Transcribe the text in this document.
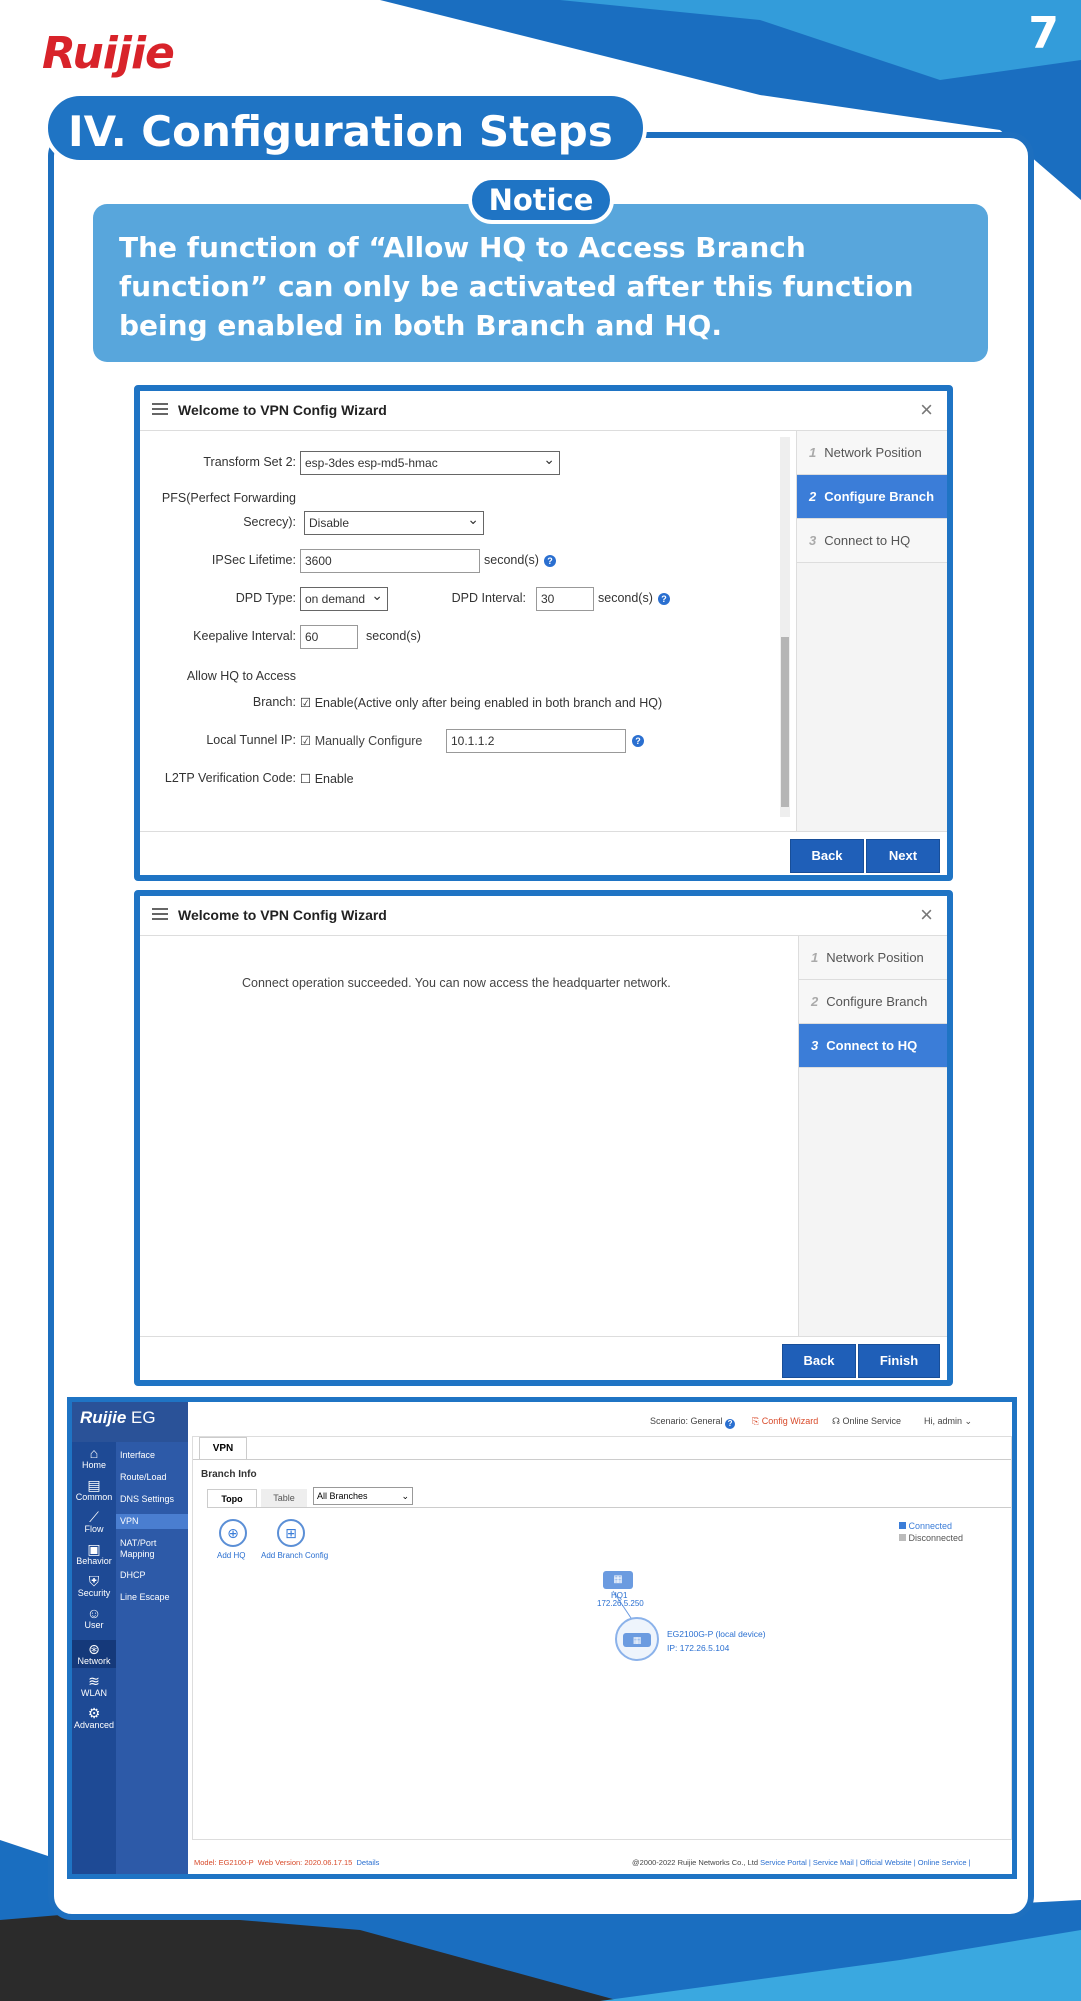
Ruijie	7
IV. Configuration Steps
The function of “Allow HQ to Access Branch function” can only be activated after this function being enabled in both Branch and HQ.
Notice
Welcome to VPN Config Wizard	×
1 Network Position
2 Configure Branch
3 Connect to HQ
Transform Set 2: esp-3des esp-md5-hmac ⌄
PFS(Perfect Forwarding
Secrecy):	Disable ⌄
IPSec Lifetime: 3600	second(s) ?
DPD Type: on demand ⌄	DPD Interval:	30	second(s) ?
Keepalive Interval: 60	second(s)
Allow HQ to Access
Branch: ☑ Enable(Active only after being enabled in both branch and HQ)
Local Tunnel IP: ☑ Manually Configure	10.1.1.2	?
L2TP Verification Code: ☐ Enable
Back	Next
Welcome to VPN Config Wizard	×
1 Network Position
2 Configure Branch
3 Connect to HQ
Connect operation succeeded. You can now access the headquarter network.
Back	Finish
Ruijie EG
⌂
Home
▤
Common
⟋
Flow
▣
Behavior
⛨
Security
☺
User
⊛
Network
≋
WLAN
⚙
Advanced
Interface
Route/Load
DNS Settings
VPN
NAT/Port Mapping
DHCP
Line Escape
Scenario: General ? ⎘ Config Wizard ☊ Online Service	Hi, admin ⌄
VPN
Branch Info
Topo	Table	All Branches	⌄
⊕
Add HQ
⊞
Add Branch Config
Connected
Disconnected
▦
HQ1
172.26.5.250
▦
EG2100G-P (local device)
IP: 172.26.5.104
Model: EG2100-P Web Version: 2020.06.17.15 Details	@2000-2022 Ruijie Networks Co., Ltd Service Portal | Service Mail | Official Website | Online Service |
